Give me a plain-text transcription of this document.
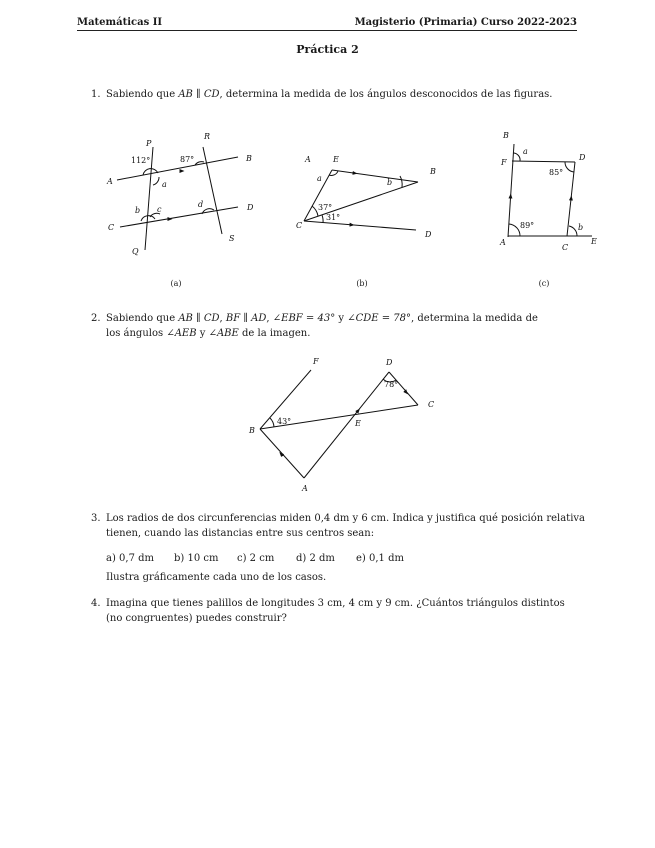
Matemáticas II	Magisterio (Primaria) Curso 2022-2023
Práctica 2
1. Sabiendo que AB ∥ CD, determina la medida de los ángulos desconocidos de las figuras.
P
R
A
B
C
D
Q
S
112°	87°
a
b c
d
A	E
B
C
D
a	b
37°
31°
B
F
a
D
85°
89°	b
A
C
E
(a)	(b)	(c)
2. Sabiendo que AB ∥ CD, BF ∥ AD, ∠EBF = 43° y ∠CDE = 78°, determina la medida de
los ángulos ∠AEB y ∠ABE de la imagen.
F	D
78°
C
43°
B
E
A
3. Los radios de dos circunferencias miden 0,4 dm y 6 cm. Indica y justifica qué posición relativa
tienen, cuando las distancias entre sus centros sean:
a) 0,7 dm b) 10 cm c) 2 cm d) 2 dm e) 0,1 dm
Ilustra gráficamente cada uno de los casos.
4. Imagina que tienes palillos de longitudes 3 cm, 4 cm y 9 cm. ¿Cuántos triángulos distintos
(no congruentes) puedes construir?
